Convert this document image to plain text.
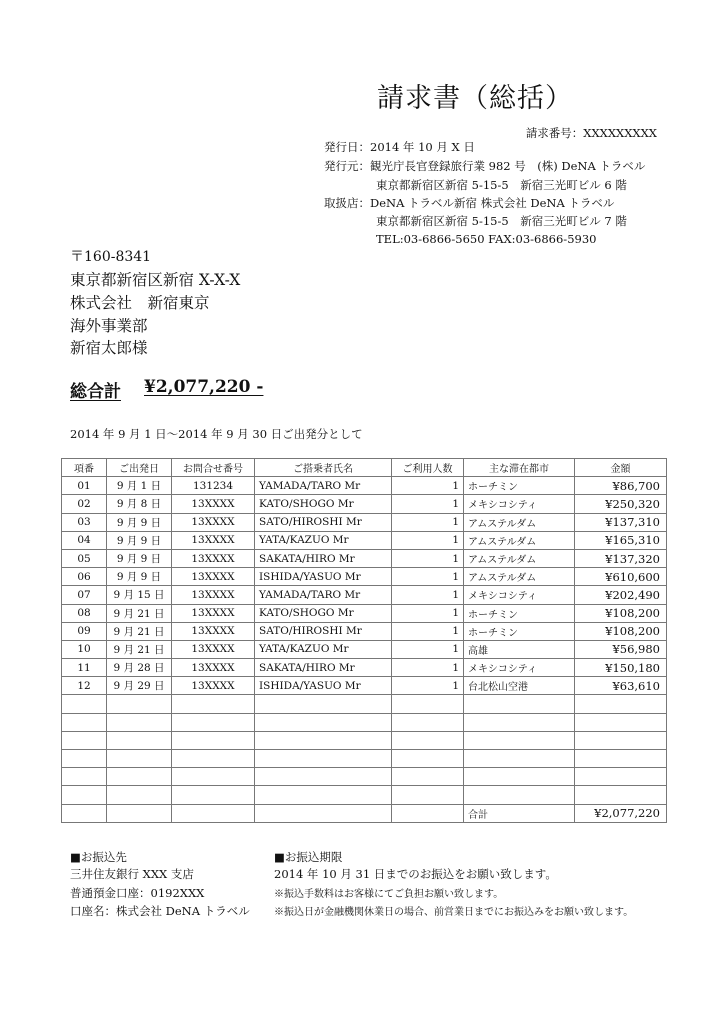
請求書（総括）
請求番号：XXXXXXXXX
発行日：2014 年 10 月 X 日
発行元：観光庁長官登録旅行業 982 号　(株) DeNA トラベル
東京都新宿区新宿 5-15-5　新宿三光町ビル 6 階
取扱店：DeNA トラベル新宿 株式会社 DeNA トラベル
東京都新宿区新宿 5-15-5　新宿三光町ビル 7 階
TEL:03-6866-5650 FAX:03-6866-5930
〒160-8341
東京都新宿区新宿 X-X-X
株式会社　新宿東京
海外事業部
新宿太郎様
総合計 ¥2,077,220 -
2014 年 9 月 1 日～2014 年 9 月 30 日ご出発分として
項番	ご出発日	お問合せ番号	ご搭乗者氏名	ご利用人数	主な滞在都市	金額
01	9 月 1 日	131234	YAMADA/TARO Mr	1	ホーチミン	¥86,700
02	9 月 8 日	13XXXX	KATO/SHOGO Mr	1	メキシコシティ	¥250,320
03	9 月 9 日	13XXXX	SATO/HIROSHI Mr	1	アムステルダム	¥137,310
04	9 月 9 日	13XXXX	YATA/KAZUO Mr	1	アムステルダム	¥165,310
05	9 月 9 日	13XXXX	SAKATA/HIRO Mr	1	アムステルダム	¥137,320
06	9 月 9 日	13XXXX	ISHIDA/YASUO Mr	1	アムステルダム	¥610,600
07	9 月 15 日	13XXXX	YAMADA/TARO Mr	1	メキシコシティ	¥202,490
08	9 月 21 日	13XXXX	KATO/SHOGO Mr	1	ホーチミン	¥108,200
09	9 月 21 日	13XXXX	SATO/HIROSHI Mr	1	ホーチミン	¥108,200
10	9 月 21 日	13XXXX	YATA/KAZUO Mr	1	高雄	¥56,980
11	9 月 28 日	13XXXX	SAKATA/HIRO Mr	1	メキシコシティ	¥150,180
12	9 月 29 日	13XXXX	ISHIDA/YASUO Mr	1	台北松山空港	¥63,610

					合計	¥2,077,220
■お振込先
三井住友銀行 XXX 支店
普通預金口座：0192XXX
口座名：株式会社 DeNA トラベル
■お振込期限
2014 年 10 月 31 日までのお振込をお願い致します。
※振込手数料はお客様にてご負担お願い致します。
※振込日が金融機関休業日の場合、前営業日までにお振込みをお願い致します。
